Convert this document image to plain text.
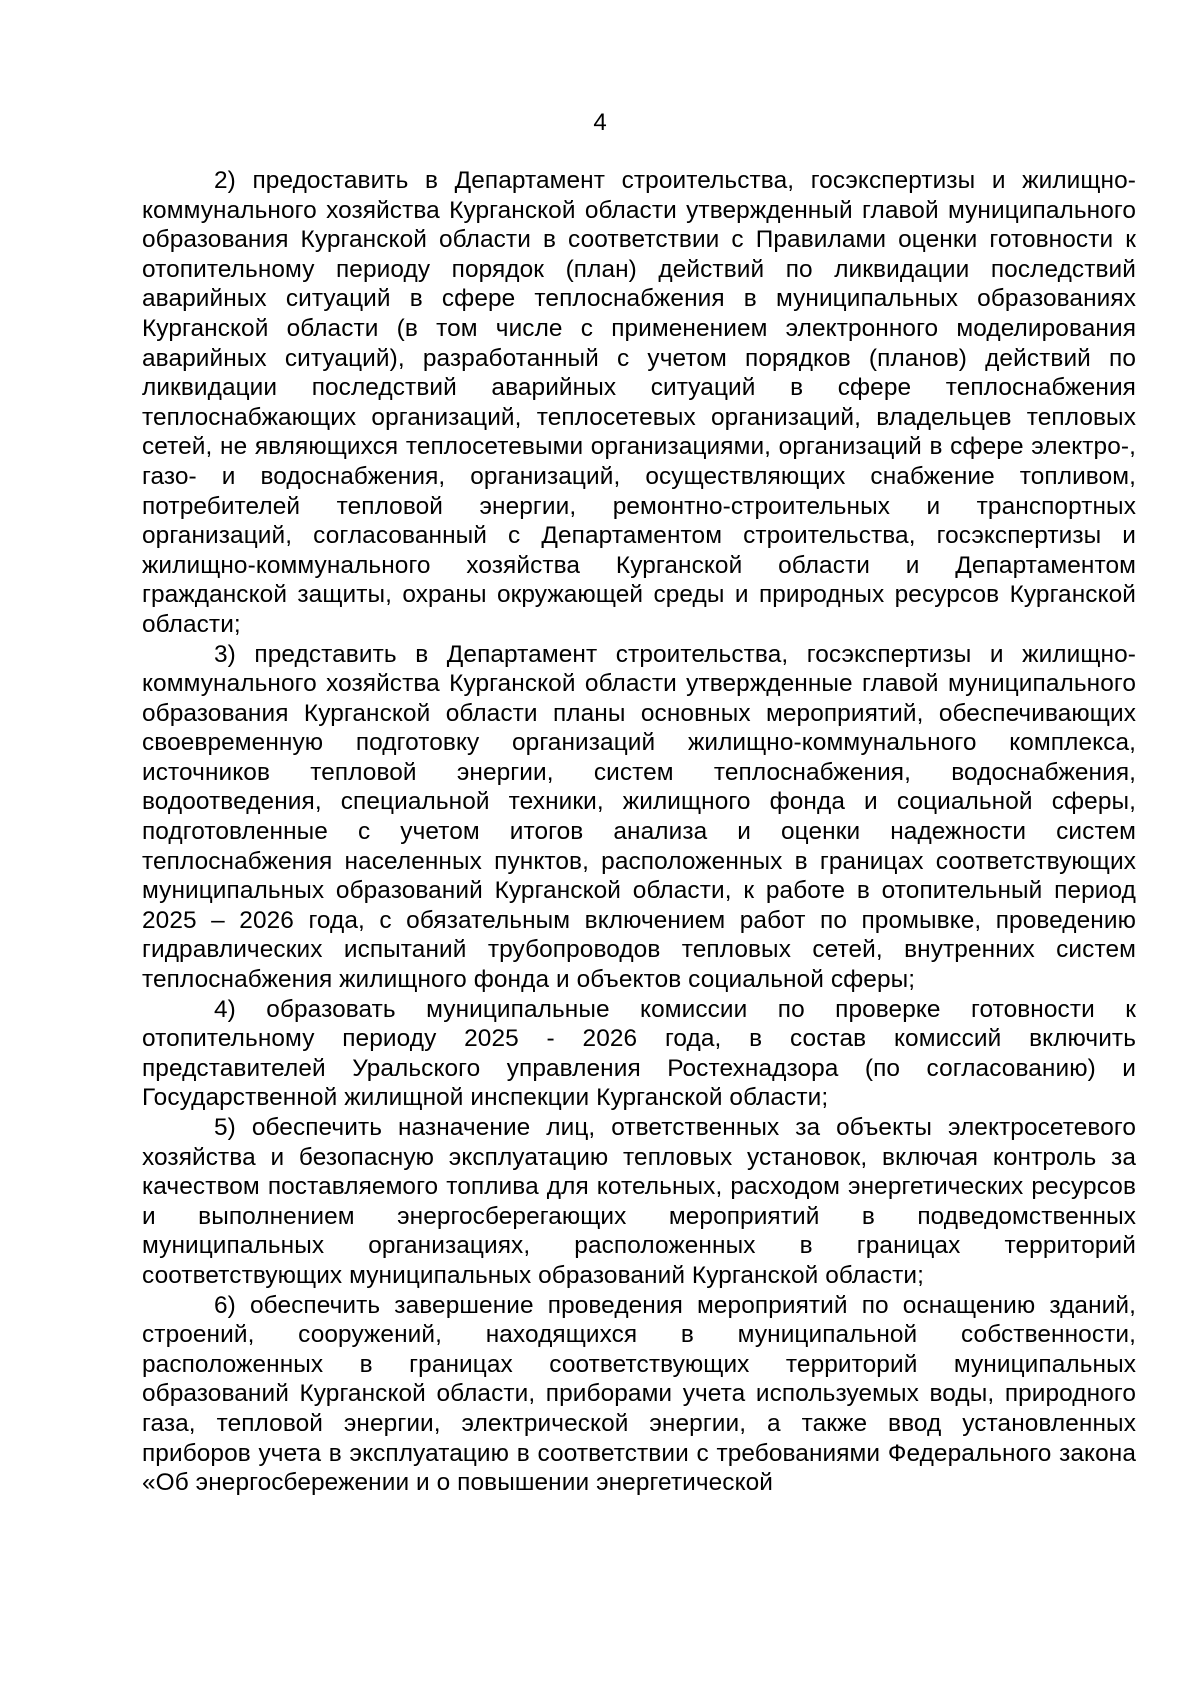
4

2) предоставить в Департамент строительства, госэкспертизы и жилищно-коммунального хозяйства Курганской области утвержденный главой муниципального образования Курганской области в соответствии с Правилами оценки готовности к отопительному периоду порядок (план) действий по ликвидации последствий аварийных ситуаций в сфере теплоснабжения в муниципальных образованиях Курганской области (в том числе с применением электронного моделирования аварийных ситуаций), разработанный с учетом порядков (планов) действий по ликвидации последствий аварийных ситуаций в сфере теплоснабжения теплоснабжающих организаций, теплосетевых организаций, владельцев тепловых сетей, не являющихся теплосетевыми организациями, организаций в сфере электро-, газо- и водоснабжения, организаций, осуществляющих снабжение топливом, потребителей тепловой энергии, ремонтно-строительных и транспортных организаций, согласованный с Департаментом строительства, госэкспертизы и жилищно-коммунального хозяйства Курганской области и Департаментом гражданской защиты, охраны окружающей среды и природных ресурсов Курганской области;

3) представить в Департамент строительства, госэкспертизы и жилищно-коммунального хозяйства Курганской области утвержденные главой муниципального образования Курганской области планы основных мероприятий, обеспечивающих своевременную подготовку организаций жилищно-коммунального комплекса, источников тепловой энергии, систем теплоснабжения, водоснабжения, водоотведения, специальной техники, жилищного фонда и социальной сферы, подготовленные с учетом итогов анализа и оценки надежности систем теплоснабжения населенных пунктов, расположенных в границах соответствующих муниципальных образований Курганской области, к работе в отопительный период 2025 – 2026 года, с обязательным включением работ по промывке, проведению гидравлических испытаний трубопроводов тепловых сетей, внутренних систем теплоснабжения жилищного фонда и объектов социальной сферы;

4) образовать муниципальные комиссии по проверке готовности к отопительному периоду 2025 - 2026 года, в состав комиссий включить представителей Уральского управления Ростехнадзора (по согласованию) и Государственной жилищной инспекции Курганской области;

5) обеспечить назначение лиц, ответственных за объекты электросетевого хозяйства и безопасную эксплуатацию тепловых установок, включая контроль за качеством поставляемого топлива для котельных, расходом энергетических ресурсов и выполнением энергосберегающих мероприятий в подведомственных муниципальных организациях, расположенных в границах территорий соответствующих муниципальных образований Курганской области;

6) обеспечить завершение проведения мероприятий по оснащению зданий, строений, сооружений, находящихся в муниципальной собственности, расположенных в границах соответствующих территорий муниципальных образований Курганской области, приборами учета используемых воды, природного газа, тепловой энергии, электрической энергии, а также ввод установленных приборов учета в эксплуатацию в соответствии с требованиями Федерального закона «Об энергосбережении и о повышении энергетической
